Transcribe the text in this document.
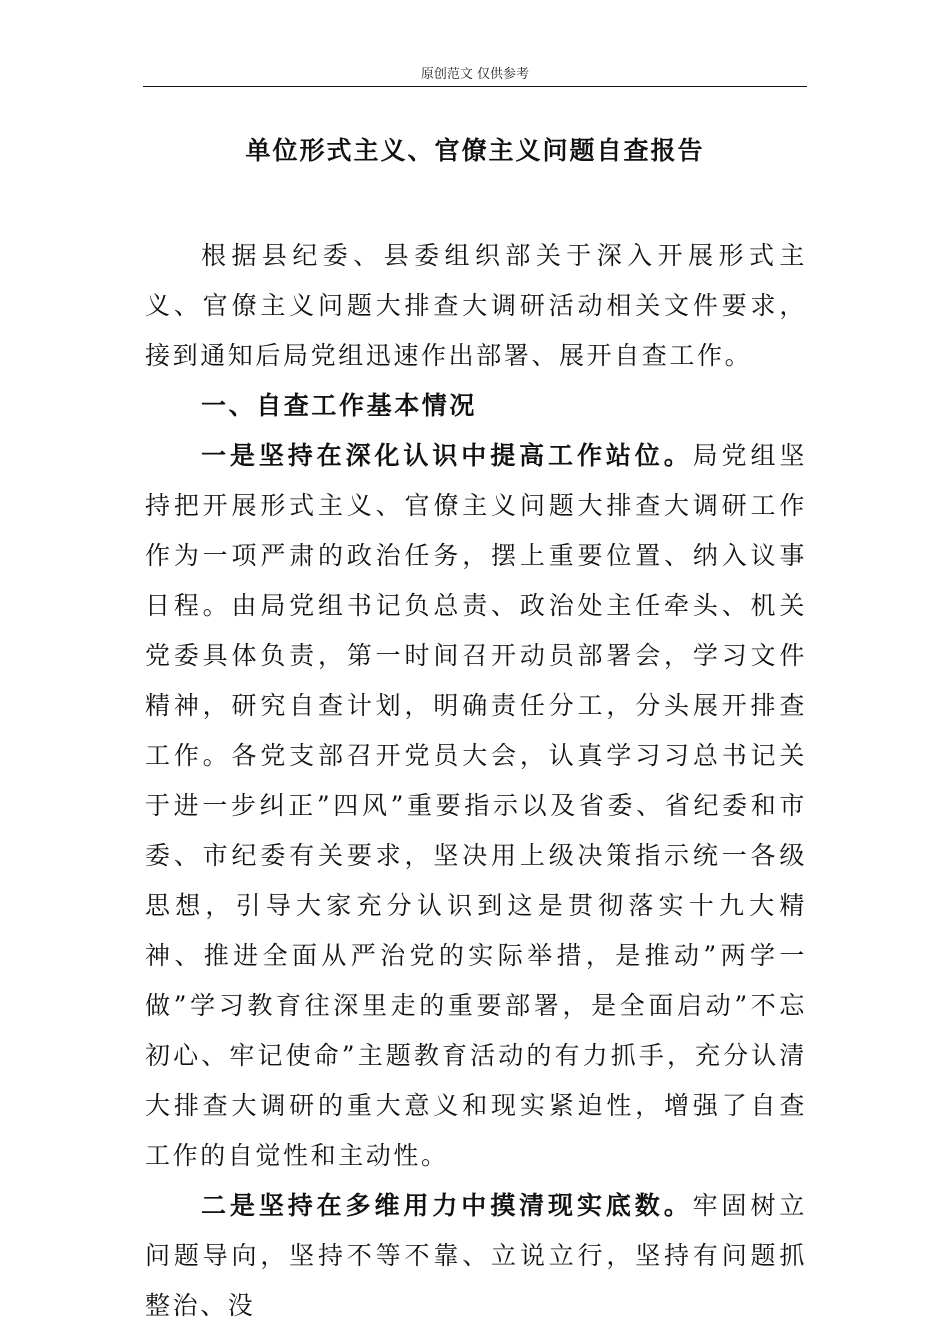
原创范文 仅供参考
单位形式主义、官僚主义问题自查报告

根据县纪委、县委组织部关于深入开展形式主义、官僚主义问题大排查大调研活动相关文件要求，接到通知后局党组迅速作出部署、展开自查工作。

一、自查工作基本情况

一是坚持在深化认识中提高工作站位。局党组坚持把开展形式主义、官僚主义问题大排查大调研工作作为一项严肃的政治任务，摆上重要位置、纳入议事日程。由局党组书记负总责、政治处主任牵头、机关党委具体负责，第一时间召开动员部署会，学习文件精神，研究自查计划，明确责任分工，分头展开排查工作。各党支部召开党员大会，认真学习习总书记关于进一步纠正”四风”重要指示以及省委、省纪委和市委、市纪委有关要求，坚决用上级决策指示统一各级思想，引导大家充分认识到这是贯彻落实十九大精神、推进全面从严治党的实际举措，是推动”两学一做”学习教育往深里走的重要部署，是全面启动”不忘初心、牢记使命”主题教育活动的有力抓手，充分认清大排查大调研的重大意义和现实紧迫性，增强了自查工作的自觉性和主动性。

二是坚持在多维用力中摸清现实底数。牢固树立问题导向，坚持不等不靠、立说立行，坚持有问题抓整治、没
